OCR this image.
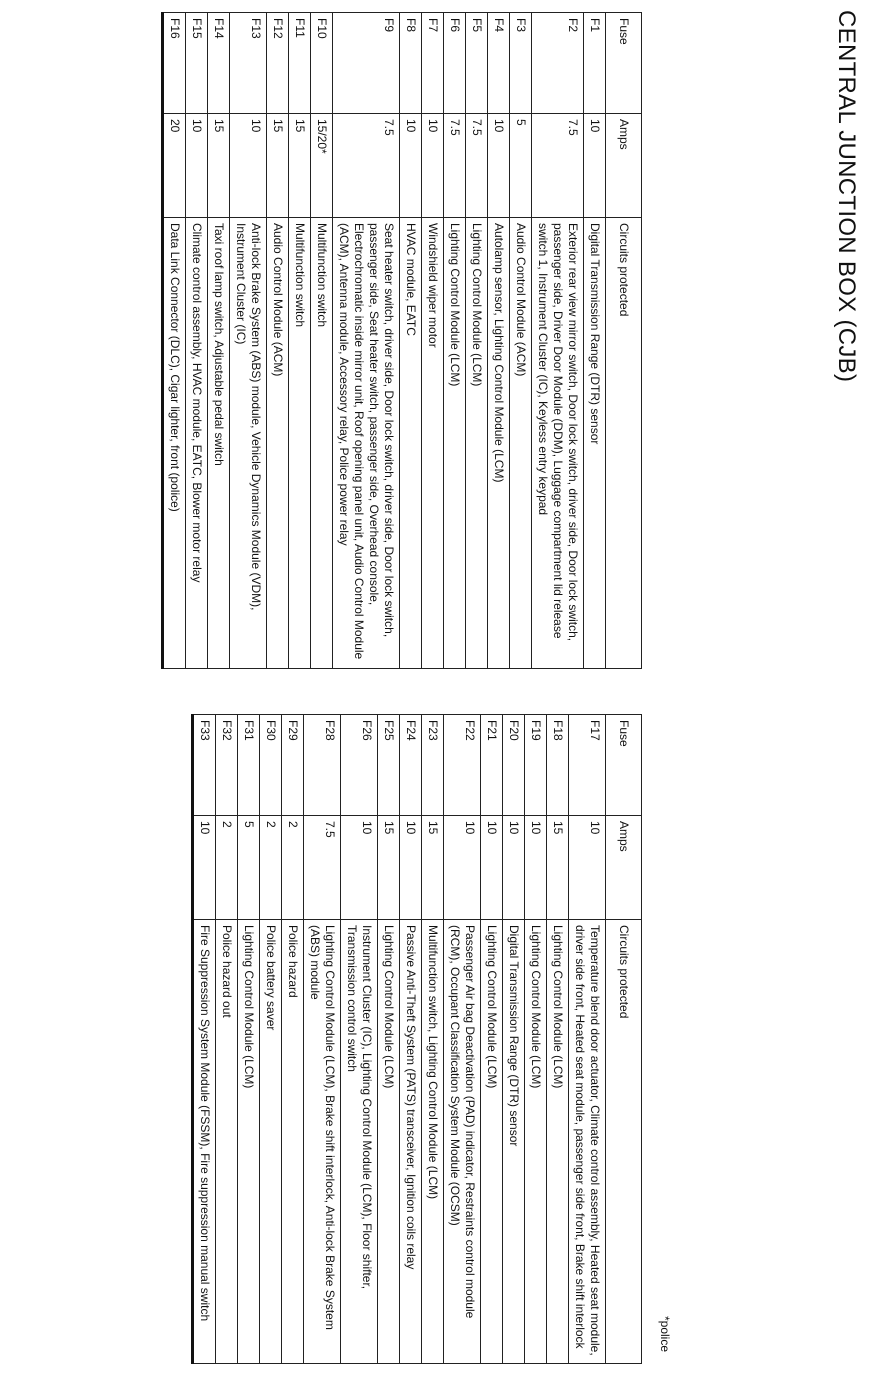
CENTRAL JUNCTION BOX (CJB)
Fuse	Amps	Circuits protected
F1	10	Digital Transmission Range (DTR) sensor
F2	7.5	Exterior rear view mirror switch, Door lock switch, driver side, Door lock switch, passenger side, Driver Door Module (DDM), Luggage compartment lid release switch 1, Instrument Cluster (IC), Keyless entry keypad
F3	5	Audio Control Module (ACM)
F4	10	Autolamp sensor, Lighting Control Module (LCM)
F5	7.5	Lighting Control Module (LCM)
F6	7.5	Lighting Control Module (LCM)
F7	10	Windshield wiper motor
F8	10	HVAC module, EATC
F9	7.5	Seat heater switch, driver side, Door lock switch, driver side, Door lock switch, passenger side, Seat heater switch, passenger side, Overhead console, Electrochromatic inside mirror unit, Roof opening panel unit, Audio Control Module (ACM), Antenna module, Accessory relay, Police power relay
F10	15/20*	Multifunction switch
F11	15	Multifunction switch
F12	15	Audio Control Module (ACM)
F13	10	Anti-lock Brake System (ABS) module, Vehicle Dynamics Module (VDM), Instrument Cluster (IC)
F14	15	Taxi roof lamp switch, Adjustable pedal switch
F15	10	Climate control assembly, HVAC module, EATC, Blower motor relay
F16	20	Data Link Connector (DLC), Cigar lighter, front (police)
Fuse	Amps	Circuits protected
F17	10	Temperature blend door actuator, Climate control assembly, Heated seat module, driver side front, Heated seat module, passenger side front, Brake shift interlock
F18	15	Lighting Control Module (LCM)
F19	10	Lighting Control Module (LCM)
F20	10	Digital Transmission Range (DTR) sensor
F21	10	Lighting Control Module (LCM)
F22	10	Passenger Air bag Deactivation (PAD) indicator, Restraints control module (RCM), Occupant Classification System Module (OCSM)
F23	15	Multifunction switch, Lighting Control Module (LCM)
F24	10	Passive Anti-Theft System (PATS) transceiver, Ignition coils relay
F25	15	Lighting Control Module (LCM)
F26	10	Instrument Cluster (IC), Lighting Control Module (LCM), Floor shifter, Transmission control switch
F28	7.5	Lighting Control Module (LCM), Brake shift interlock, Anti-lock Brake System (ABS) module
F29	2	Police hazard
F30	2	Police battery saver
F31	5	Lighting Control Module (LCM)
F32	2	Police hazard out
F33	10	Fire Suppression System Module (FSSM), Fire suppression manual switch
*police
